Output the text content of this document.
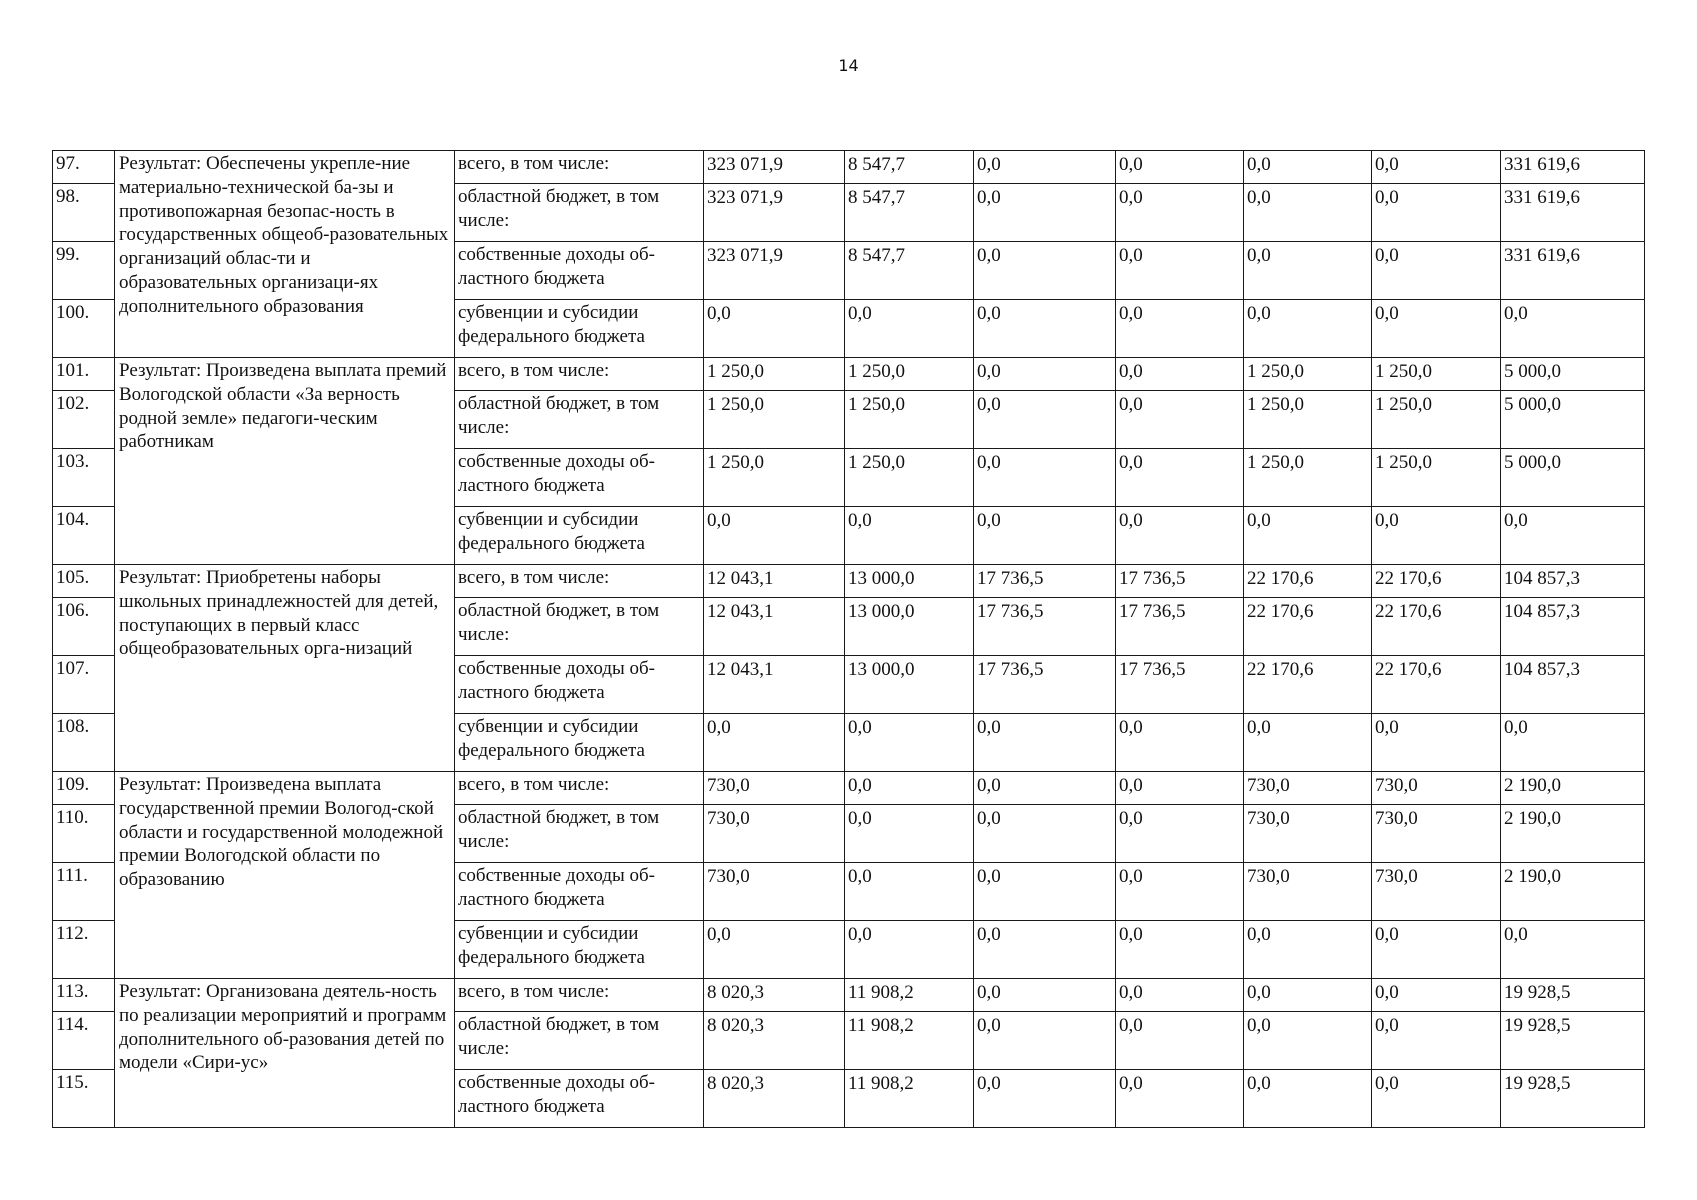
14
97.	Результат: Обеспечены укрепле-ние материально-технической ба-зы и противопожарная безопас-ность в государственных общеоб-разовательных организаций облас-ти и образовательных организаци-ях дополнительного образования	всего, в том числе:	323 071,9	8 547,7	0,0	0,0	0,0	0,0	331 619,6
98.		областной бюджет, в том числе:	323 071,9	8 547,7	0,0	0,0	0,0	0,0	331 619,6
99.		собственные доходы об-ластного бюджета	323 071,9	8 547,7	0,0	0,0	0,0	0,0	331 619,6
100.		субвенции и субсидии федерального бюджета	0,0	0,0	0,0	0,0	0,0	0,0	0,0
101.	Результат: Произведена выплата премий Вологодской области «За верность родной земле» педагоги-ческим работникам	всего, в том числе:	1 250,0	1 250,0	0,0	0,0	1 250,0	1 250,0	5 000,0
102.		областной бюджет, в том числе:	1 250,0	1 250,0	0,0	0,0	1 250,0	1 250,0	5 000,0
103.		собственные доходы об-ластного бюджета	1 250,0	1 250,0	0,0	0,0	1 250,0	1 250,0	5 000,0
104.		субвенции и субсидии федерального бюджета	0,0	0,0	0,0	0,0	0,0	0,0	0,0
105.	Результат: Приобретены наборы школьных принадлежностей для детей, поступающих в первый класс общеобразовательных орга-низаций	всего, в том числе:	12 043,1	13 000,0	17 736,5	17 736,5	22 170,6	22 170,6	104 857,3
106.		областной бюджет, в том числе:	12 043,1	13 000,0	17 736,5	17 736,5	22 170,6	22 170,6	104 857,3
107.		собственные доходы об-ластного бюджета	12 043,1	13 000,0	17 736,5	17 736,5	22 170,6	22 170,6	104 857,3
108.		субвенции и субсидии федерального бюджета	0,0	0,0	0,0	0,0	0,0	0,0	0,0
109.	Результат: Произведена выплата государственной премии Вологод-ской области и государственной молодежной премии Вологодской области по образованию	всего, в том числе:	730,0	0,0	0,0	0,0	730,0	730,0	2 190,0
110.		областной бюджет, в том числе:	730,0	0,0	0,0	0,0	730,0	730,0	2 190,0
111.		собственные доходы об-ластного бюджета	730,0	0,0	0,0	0,0	730,0	730,0	2 190,0
112.		субвенции и субсидии федерального бюджета	0,0	0,0	0,0	0,0	0,0	0,0	0,0
113.	Результат: Организована деятель-ность по реализации мероприятий и программ дополнительного об-разования детей по модели «Сири-ус»	всего, в том числе:	8 020,3	11 908,2	0,0	0,0	0,0	0,0	19 928,5
114.		областной бюджет, в том числе:	8 020,3	11 908,2	0,0	0,0	0,0	0,0	19 928,5
115.		собственные доходы об-ластного бюджета	8 020,3	11 908,2	0,0	0,0	0,0	0,0	19 928,5
